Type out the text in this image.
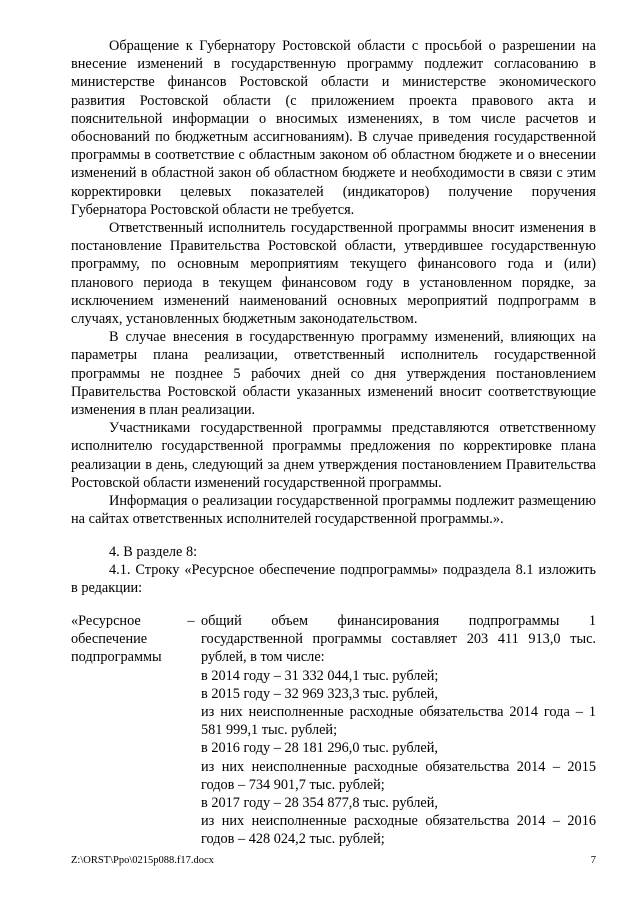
Обращение к Губернатору Ростовской области с просьбой о разрешении на внесение изменений в государственную программу подлежит согласованию в министерстве финансов Ростовской области и министерстве экономического развития Ростовской области (с приложением проекта правового акта и пояснительной информации о вносимых изменениях, в том числе расчетов и обоснований по бюджетным ассигнованиям). В случае приведения государственной программы в соответствие с областным законом об областном бюджете и о внесении изменений в областной закон об областном бюджете и необходимости в связи с этим корректировки целевых показателей (индикаторов) получение поручения Губернатора Ростовской области не требуется.

Ответственный исполнитель государственной программы вносит изменения в постановление Правительства Ростовской области, утвердившее государственную программу, по основным мероприятиям текущего финансового года и (или) планового периода в текущем финансовом году в установленном порядке, за исключением изменений наименований основных мероприятий подпрограмм в случаях, установленных бюджетным законодательством.

В случае внесения в государственную программу изменений, влияющих на параметры плана реализации, ответственный исполнитель государственной программы не позднее 5 рабочих дней со дня утверждения постановлением Правительства Ростовской области указанных изменений вносит соответствующие изменения в план реализации.

Участниками государственной программы представляются ответственному исполнителю государственной программы предложения по корректировке плана реализации в день, следующий за днем утверждения постановлением Правительства Ростовской области изменений государственной программы.

Информация о реализации государственной программы подлежит размещению на сайтах ответственных исполнителей государственной программы.».

4. В разделе 8:

4.1. Строку «Ресурсное обеспечение подпрограммы» подраздела 8.1 изложить в редакции:

«Ресурсное
обеспечение
подпрограммы
– общий объем финансирования подпрограммы 1 государственной программы составляет 203 411 913,0 тыс. рублей, в том числе:

в 2014 году – 31 332 044,1 тыс. рублей;

в 2015 году – 32 969 323,3 тыс. рублей,

из них неисполненные расходные обязательства 2014 года – 1 581 999,1 тыс. рублей;

в 2016 году – 28 181 296,0 тыс. рублей,

из них неисполненные расходные обязательства 2014 – 2015 годов – 734 901,7 тыс. рублей;

в 2017 году – 28 354 877,8 тыс. рублей,

из них неисполненные расходные обязательства 2014 – 2016 годов – 428 024,2 тыс. рублей;

Z:\ORST\Ppo\0215p088.f17.docx	7
